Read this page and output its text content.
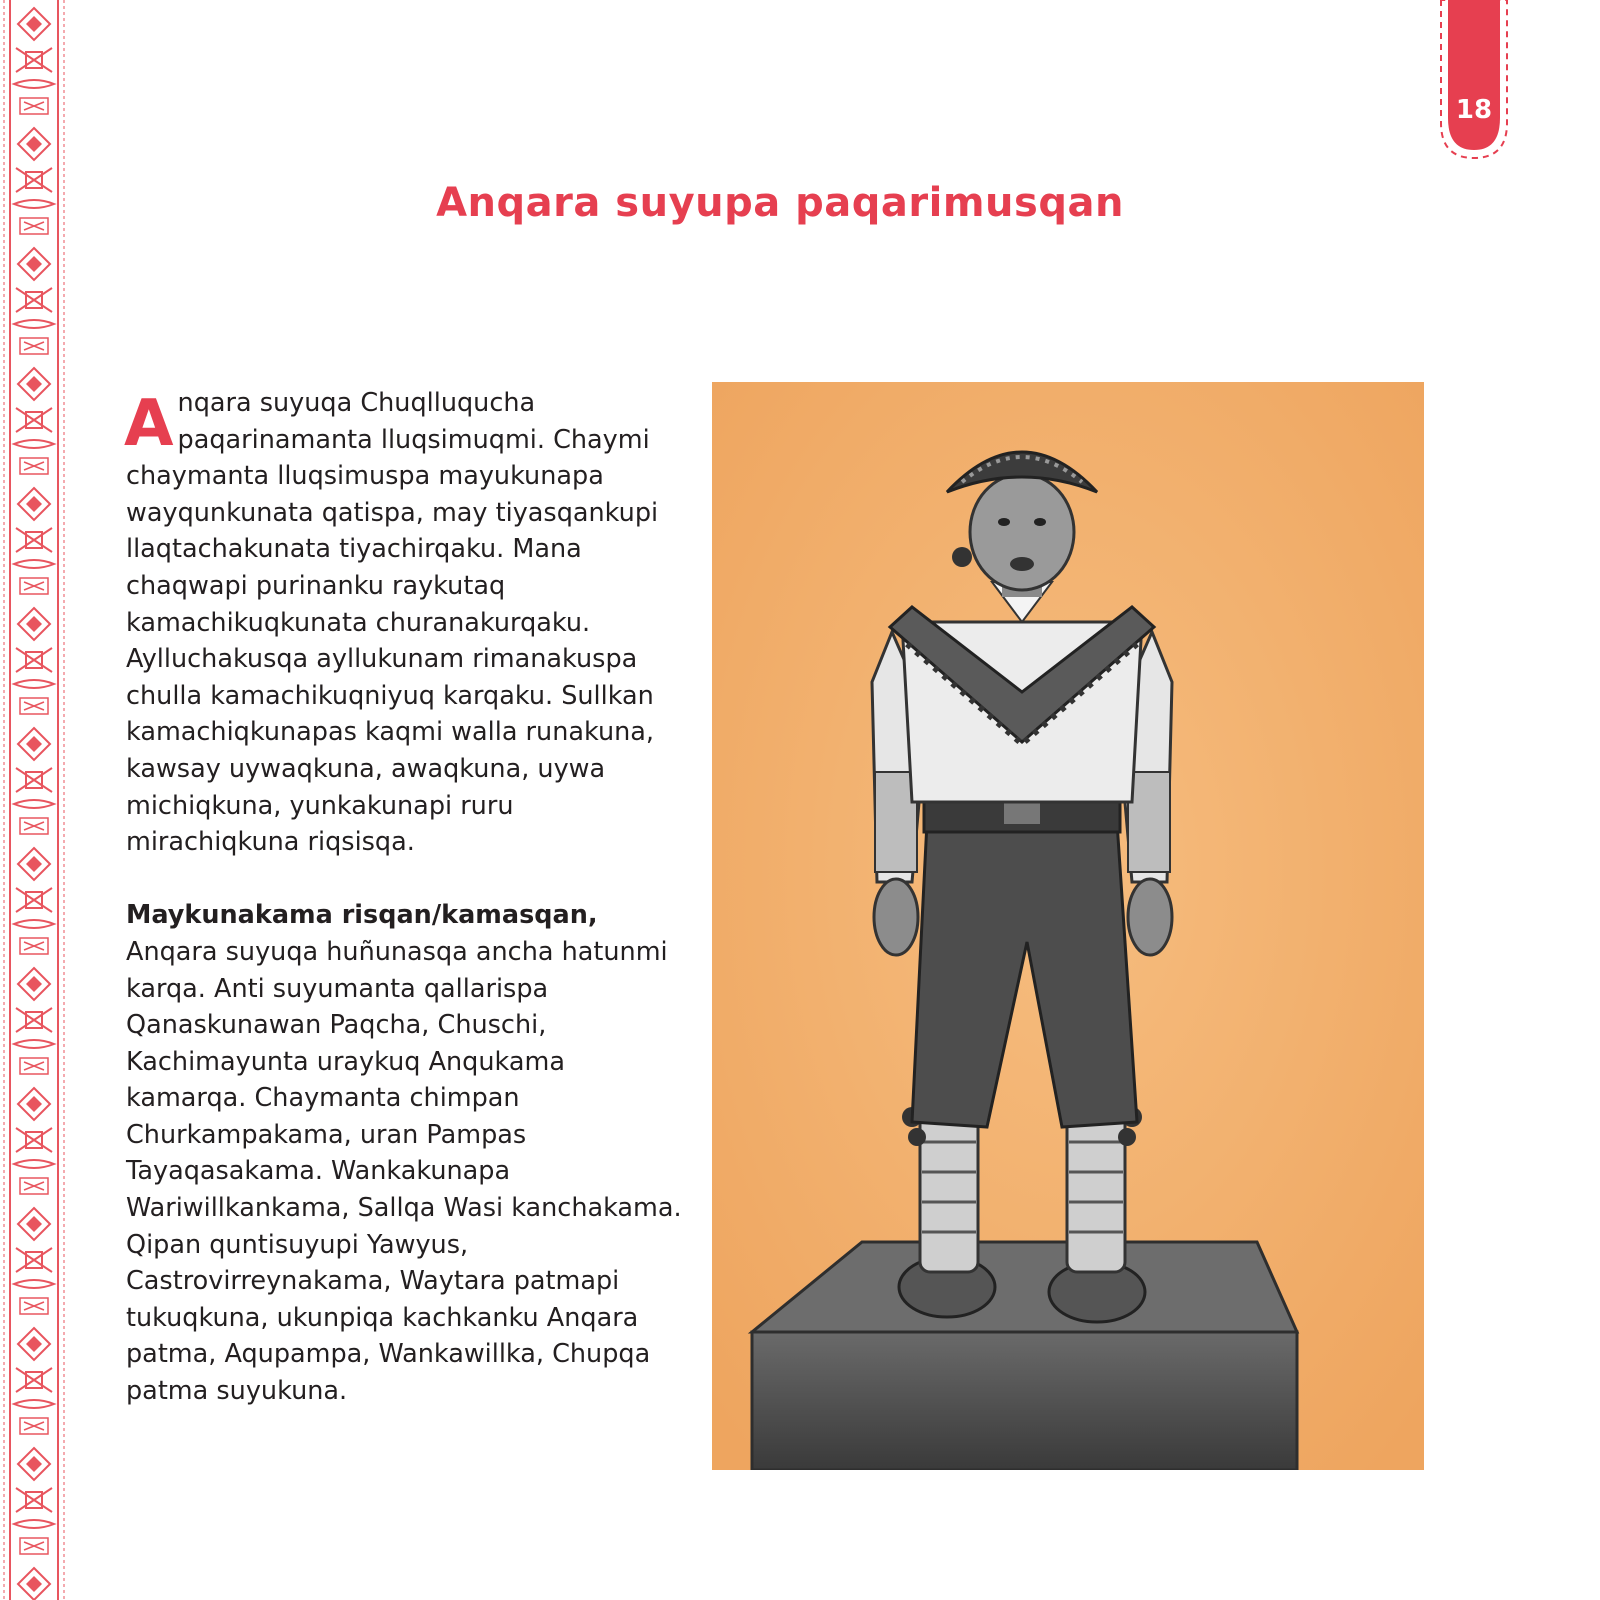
18
Anqara suyupa paqarimusqan

Anqara suyuqa Chuqlluqucha paqarinamanta lluqsimuqmi. Chaymi chaymanta lluqsimuspa mayukunapa wayqunkunata qatispa, may tiyasqankupi llaqtachakunata tiyachirqaku. Mana chaqwapi purinanku raykutaq kamachikuqkunata churanakurqaku. Aylluchakusqa ayllukunam rimanakuspa chulla kamachikuqniyuq karqaku. Sullkan kamachiqkunapas kaqmi walla runakuna, kawsay uywaqkuna, awaqkuna, uywa michiqkuna, yunkakunapi ruru mirachiqkuna riqsisqa.

Maykunakama risqan/kamasqan, Anqara suyuqa huñunasqa ancha hatunmi karqa. Anti suyumanta qallarispa Qanaskunawan Paqcha, Chuschi, Kachimayunta uraykuq Anqukama kamarqa. Chaymanta chimpan Churkampakama, uran Pampas Tayaqasakama. Wankakunapa Wariwillkankama, Sallqa Wasi kanchakama. Qipan quntisuyupi Yawyus, Castrovirreynakama, Waytara patmapi tukuqkuna, ukunpiqa kachkanku Anqara patma, Aqupampa, Wankawillka, Chupqa patma suyukuna.
